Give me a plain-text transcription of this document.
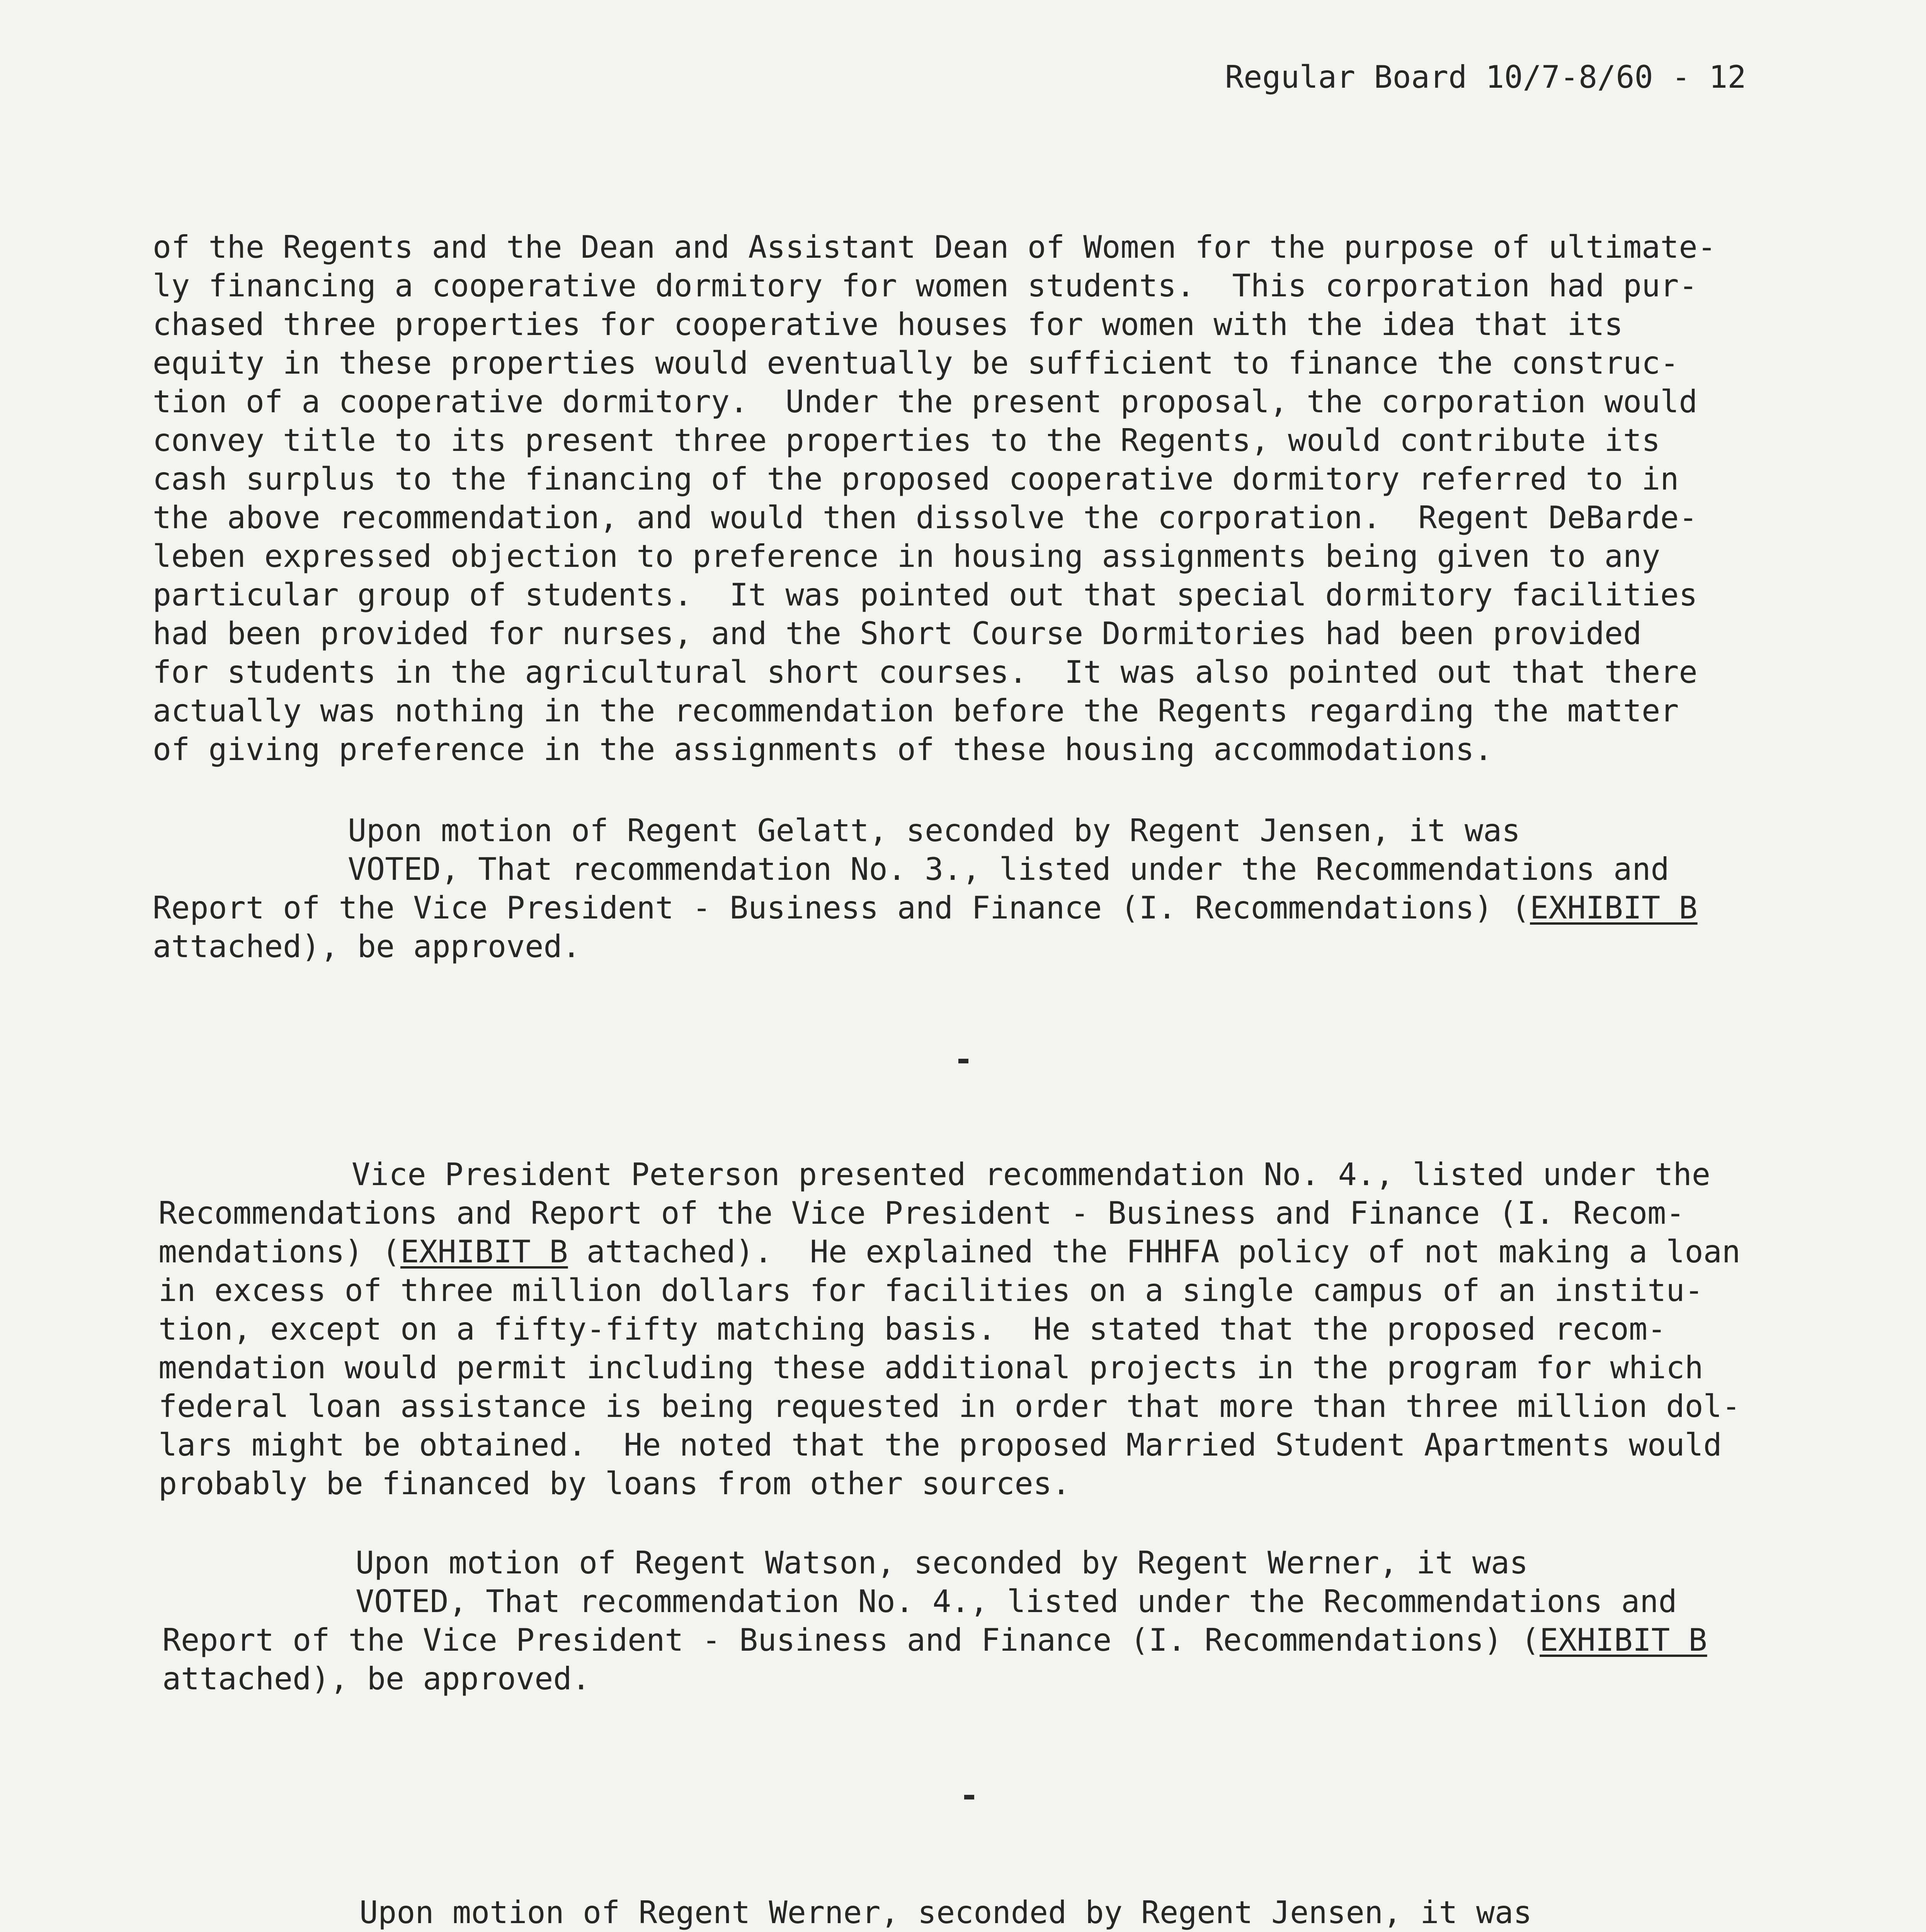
Regular Board 10/7-8/60 - 12
of the Regents and the Dean and Assistant Dean of Women for the purpose of ultimate-
ly financing a cooperative dormitory for women students.  This corporation had pur-
chased three properties for cooperative houses for women with the idea that its
equity in these properties would eventually be sufficient to finance the construc-
tion of a cooperative dormitory.  Under the present proposal, the corporation would
convey title to its present three properties to the Regents, would contribute its
cash surplus to the financing of the proposed cooperative dormitory referred to in
the above recommendation, and would then dissolve the corporation.  Regent DeBarde-
leben expressed objection to preference in housing assignments being given to any
particular group of students.  It was pointed out that special dormitory facilities
had been provided for nurses, and the Short Course Dormitories had been provided
for students in the agricultural short courses.  It was also pointed out that there
actually was nothing in the recommendation before the Regents regarding the matter
of giving preference in the assignments of these housing accommodations.
Upon motion of Regent Gelatt, seconded by Regent Jensen, it was
VOTED, That recommendation No. 3., listed under the Recommendations and
Report of the Vice President - Business and Finance (I. Recommendations) (EXHIBIT B
attached), be approved.
Vice President Peterson presented recommendation No. 4., listed under the
Recommendations and Report of the Vice President - Business and Finance (I. Recom-
mendations) (EXHIBIT B attached).  He explained the FHHFA policy of not making a loan
in excess of three million dollars for facilities on a single campus of an institu-
tion, except on a fifty-fifty matching basis.  He stated that the proposed recom-
mendation would permit including these additional projects in the program for which
federal loan assistance is being requested in order that more than three million dol-
lars might be obtained.  He noted that the proposed Married Student Apartments would
probably be financed by loans from other sources.
Upon motion of Regent Watson, seconded by Regent Werner, it was
VOTED, That recommendation No. 4., listed under the Recommendations and
Report of the Vice President - Business and Finance (I. Recommendations) (EXHIBIT B
attached), be approved.
Upon motion of Regent Werner, seconded by Regent Jensen, it was
